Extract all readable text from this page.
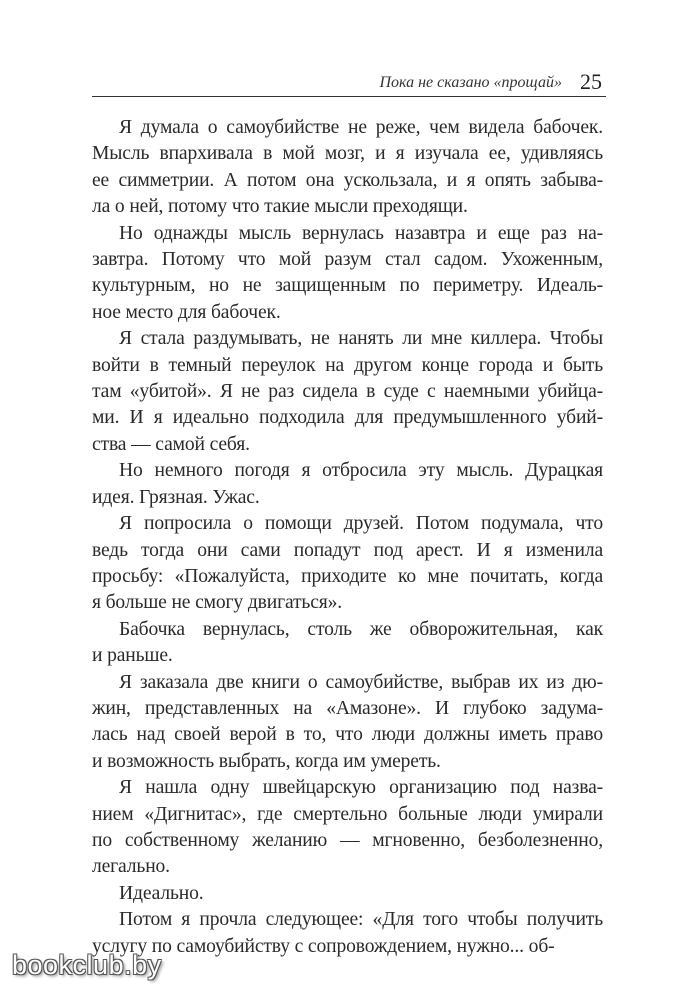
Пока не сказано «прощай» 25
Я думала о самоубийстве не реже, чем видела бабочек.
Мысль впархивала в мой мозг, и я изучала ее, удивляясь
ее симметрии. А потом она ускользала, и я опять забыва-
ла о ней, потому что такие мысли преходящи.
Но однажды мысль вернулась назавтра и еще раз на-
завтра. Потому что мой разум стал садом. Ухоженным,
культурным, но не защищенным по периметру. Идеаль-
ное место для бабочек.
Я стала раздумывать, не нанять ли мне киллера. Чтобы
войти в темный переулок на другом конце города и быть
там «убитой». Я не раз сидела в суде с наемными убийца-
ми. И я идеально подходила для предумышленного убий-
ства — самой себя.
Но немного погодя я отбросила эту мысль. Дурацкая
идея. Грязная. Ужас.
Я попросила о помощи друзей. Потом подумала, что
ведь тогда они сами попадут под арест. И я изменила
просьбу: «Пожалуйста, приходите ко мне почитать, когда
я больше не смогу двигаться».
Бабочка вернулась, столь же обворожительная, как
и раньше.
Я заказала две книги о самоубийстве, выбрав их из дю-
жин, представленных на «Амазоне». И глубоко задума-
лась над своей верой в то, что люди должны иметь право
и возможность выбрать, когда им умереть.
Я нашла одну швейцарскую организацию под назва-
нием «Дигнитас», где смертельно больные люди умирали
по собственному желанию — мгновенно, безболезненно,
легально.
Идеально.
Потом я прочла следующее: «Для того чтобы получить
услугу по самоубийству с сопровождением, нужно... об-
bookclub.by
